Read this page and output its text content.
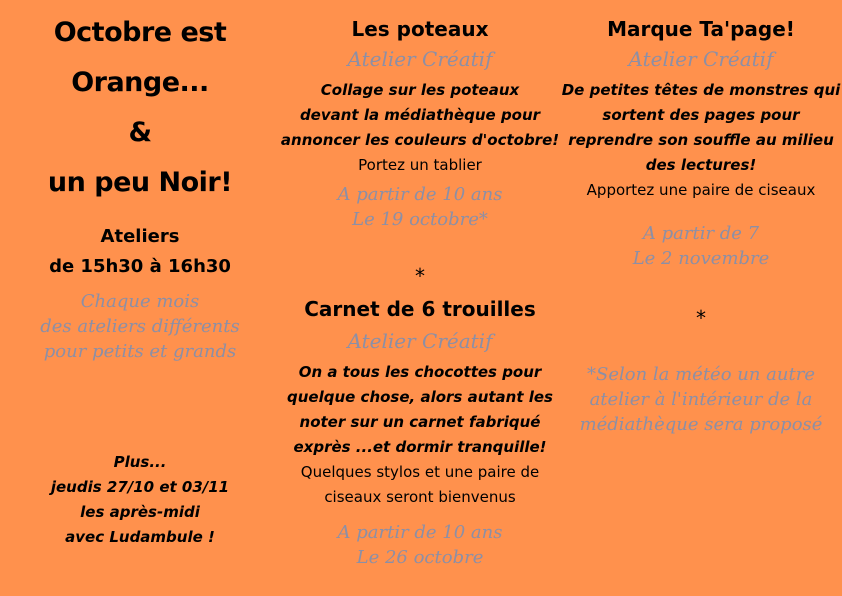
Octobre est
Orange...
&
un peu Noir!
Ateliers
de 15h30 à 16h30
Chaque mois
des ateliers différents
pour petits et grands
Plus...
jeudis 27/10 et 03/11
les après-midi
avec Ludambule !
Les poteaux
Atelier Créatif
Collage sur les poteaux
devant la médiathèque pour
annoncer les couleurs d'octobre!
Portez un tablier
A partir de 10 ans
Le 19 octobre*
*
Carnet de 6 trouilles
Atelier Créatif
On a tous les chocottes pour
quelque chose, alors autant les
noter sur un carnet fabriqué
exprès ...et dormir tranquille!
Quelques stylos et une paire de
ciseaux seront bienvenus
A partir de 10 ans
Le 26 octobre
Marque Ta'page!
Atelier Créatif
De petites têtes de monstres qui
sortent des pages pour
reprendre son souffle au milieu
des lectures!
Apportez une paire de ciseaux
A partir de 7
Le 2 novembre
*
*Selon la météo un autre
atelier à l'intérieur de la
médiathèque sera proposé
